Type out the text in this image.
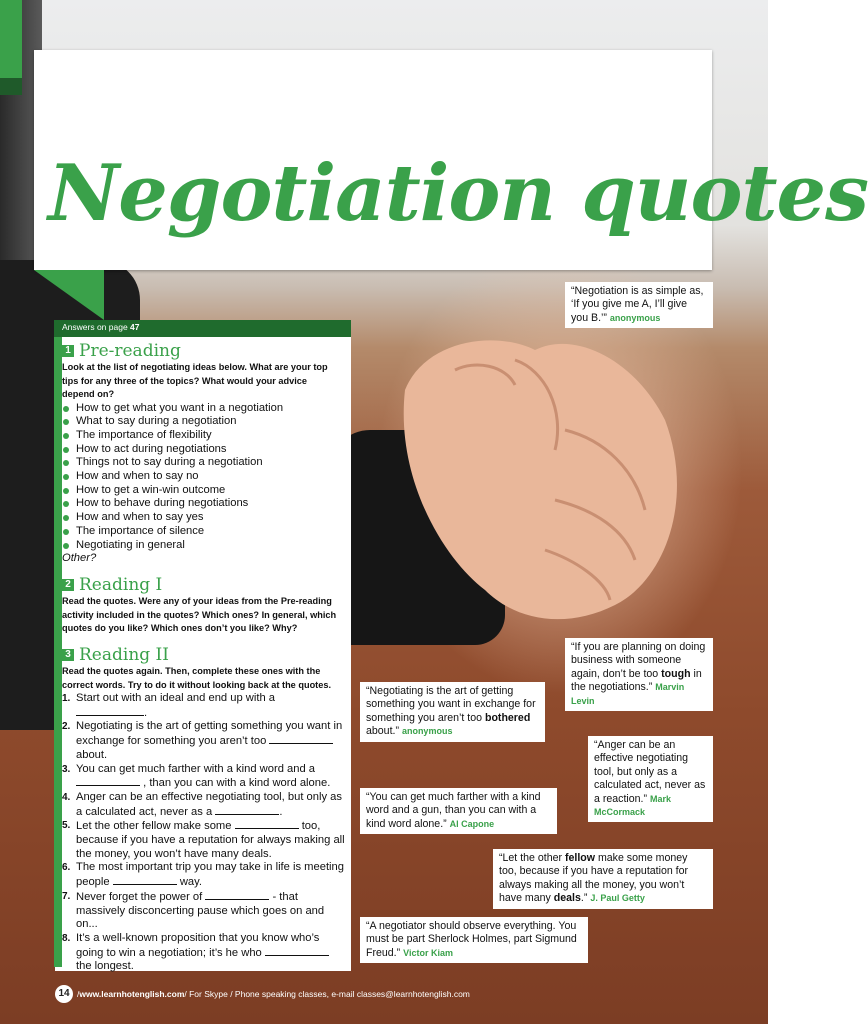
Negotiation quotes
Answers on page 47
1 Pre-reading
Look at the list of negotiating ideas below. What are your top tips for any three of the topics? What would your advice depend on?
How to get what you want in a negotiation
What to say during a negotiation
The importance of flexibility
How to act during negotiations
Things not to say during a negotiation
How and when to say no
How to get a win-win outcome
How to behave during negotiations
How and when to say yes
The importance of silence
Negotiating in general
Other?
2 Reading I
Read the quotes. Were any of your ideas from the Pre-reading activity included in the quotes? Which ones? In general, which quotes do you like? Which ones don’t you like? Why?
3 Reading II
Read the quotes again. Then, complete these ones with the correct words. Try to do it without looking back at the quotes.
1. Start out with an ideal and end up with a .
2. Negotiating is the art of getting something you want in exchange for something you aren’t too  about.
3. You can get much farther with a kind word and a  , than you can with a kind word alone.
4. Anger can be an effective negotiating tool, but only as a calculated act, never as a	.
5. Let the other fellow make some	too, because if you have a reputation for always making all the money, you won’t have many deals.
6. The most important trip you may take in life is meeting people	way.
7. Never forget the power of	- that massively disconcerting pause which goes on and on...
8. It’s a well-known proposition that you know who’s going to win a negotiation; it’s he who  the longest.
“Negotiation is as simple as, ‘If you give me A, I’ll give you B.’” anonymous
“If you are planning on doing business with someone again, don’t be too tough in the negotiations.” Marvin Levin
“Negotiating is the art of getting something you want in exchange for something you aren’t too bothered about.” anonymous
“Anger can be an effective negotiating tool, but only as a calculated act, never as a reaction.” Mark McCormack
“You can get much farther with a kind word and a gun, than you can with a kind word alone.” Al Capone
“Let the other fellow make some money too, because if you have a reputation for always making all the money, you won’t have many deals.” J. Paul Getty
“A negotiator should observe everything. You must be part Sherlock Holmes, part Sigmund Freud.” Victor Kiam
14 / www.learnhotenglish.com / For Skype / Phone speaking classes, e-mail classes@learnhotenglish.com
